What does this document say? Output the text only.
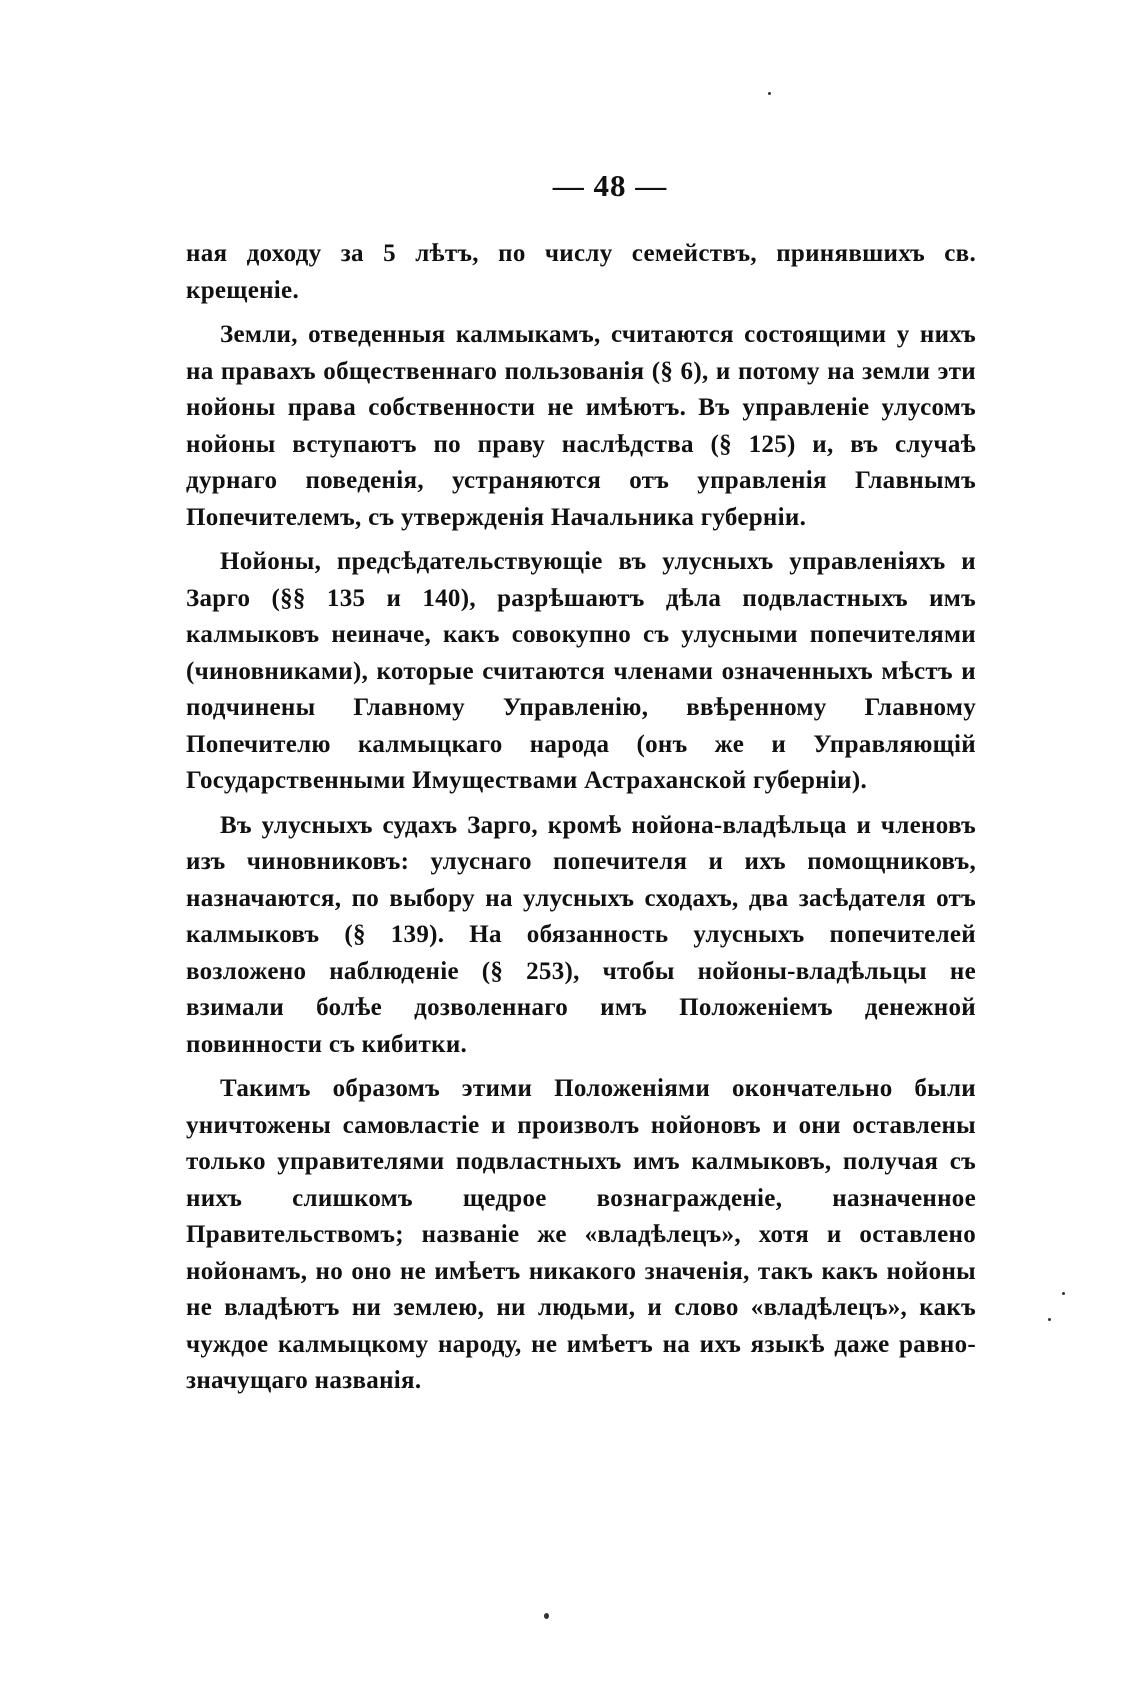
— 48 —

ная доходу за 5 лѣтъ, по числу семействъ, принявшихъ св. крещеніе.

Земли, отведенныя калмыкамъ, считаются состоящими у нихъ на правахъ общественнаго пользованія (§ 6), и потому на земли эти нойоны права собственности не имѣютъ. Въ управленіе улусомъ нойоны вступаютъ по праву наслѣдства (§ 125) и, въ случаѣ дурнаго поведенія, устраняются отъ управленія Главнымъ Попечителемъ, съ утвержденія Начальника губерніи.

Нойоны, предсѣдательствующіе въ улусныхъ управленіяхъ и Зарго (§§ 135 и 140), разрѣшаютъ дѣла подвластныхъ имъ калмыковъ неиначе, какъ совокупно съ улусными попечителями (чиновниками), которые считаются членами означенныхъ мѣстъ и подчинены Главному Управленію, ввѣренному Главному Попечителю калмыцкаго народа (онъ же и Управляющій Государственными Имуществами Астраханской губерніи).

Въ улусныхъ судахъ Зарго, кромѣ нойона-владѣльца и членовъ изъ чиновниковъ: улуснаго попечителя и ихъ помощниковъ, назначаются, по выбору на улусныхъ сходахъ, два засѣдателя отъ калмыковъ (§ 139). На обязанность улусныхъ попечителей возложено наблюденіе (§ 253), чтобы нойоны-владѣльцы не взимали болѣе дозволеннаго имъ Положеніемъ денежной повинности съ кибитки.

Такимъ образомъ этими Положеніями окончательно были уничтожены самовластіе и произволъ нойоновъ и они оставлены только управителями подвластныхъ имъ калмыковъ, получая съ нихъ слишкомъ щедрое вознагражденіе, назначенное Правительствомъ; названіе же «владѣлецъ», хотя и оставлено нойонамъ, но оно не имѣетъ никакого значенія, такъ какъ нойоны не владѣютъ ни землею, ни людьми, и слово «владѣлецъ», какъ чуждое калмыцкому народу, не имѣетъ на ихъ языкѣ даже равно-значущаго названія.
